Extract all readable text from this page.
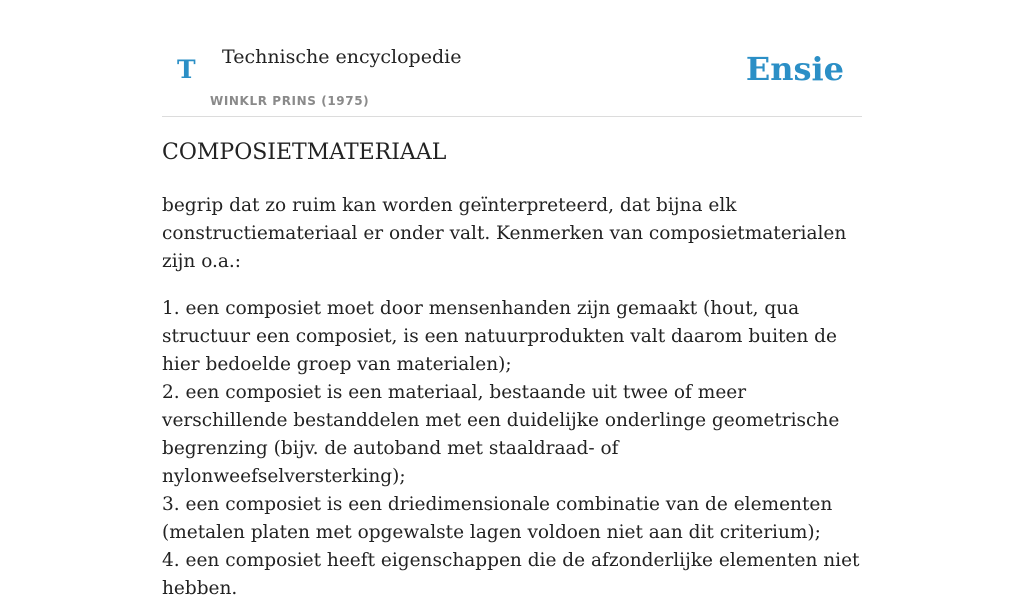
T Technische encyclopedie
WINKLR PRINS (1975)
Ensie
COMPOSIETMATERIAAL

begrip dat zo ruim kan worden geïnterpreteerd, dat bijna elk constructiemateriaal er onder valt. Kenmerken van composietmaterialen zijn o.a.:

1. een composiet moet door mensenhanden zijn gemaakt (hout, qua structuur een composiet, is een natuurprodukten valt daarom buiten de hier bedoelde groep van materialen);

2. een composiet is een materiaal, bestaande uit twee of meer verschillende bestanddelen met een duidelijke onderlinge geometrische begrenzing (bijv. de autoband met staaldraad- of nylonweefselversterking);

3. een composiet is een driedimensionale combinatie van de elementen (metalen platen met opgewalste lagen voldoen niet aan dit criterium);

4. een composiet heeft eigenschappen die de afzonderlijke elementen niet hebben.
